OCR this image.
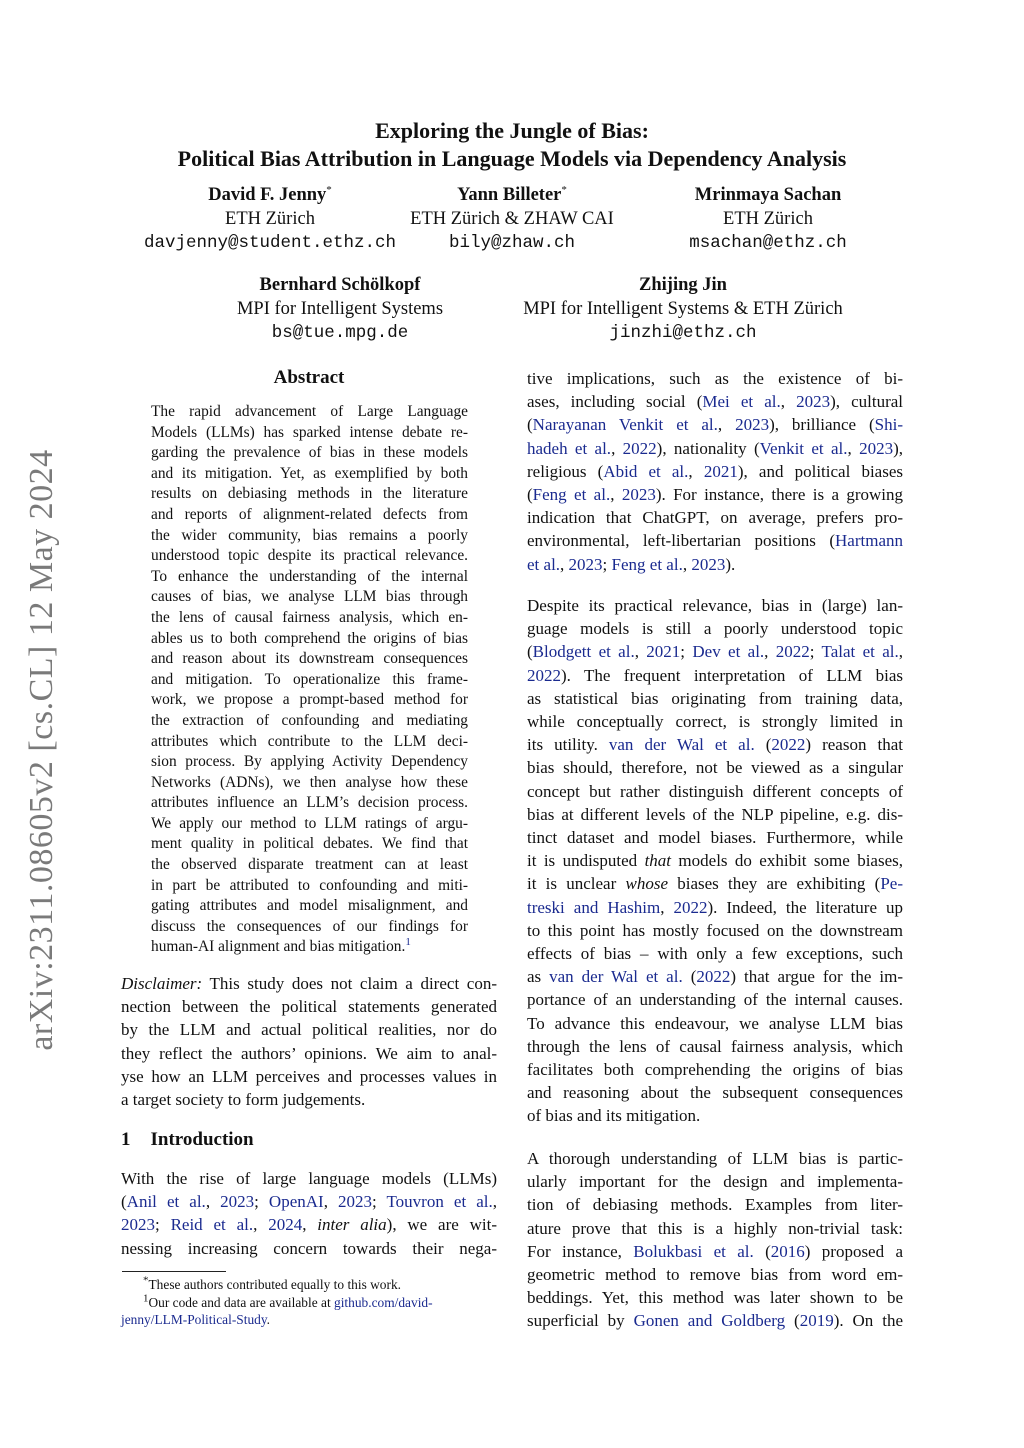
arXiv:2311.08605v2 [cs.CL] 12 May 2024
Exploring the Jungle of Bias:
Political Bias Attribution in Language Models via Dependency Analysis
David F. Jenny*
ETH Zürich
davjenny@student.ethz.ch
Yann Billeter*
ETH Zürich & ZHAW CAI
bily@zhaw.ch
Mrinmaya Sachan
ETH Zürich
msachan@ethz.ch
Bernhard Schölkopf
MPI for Intelligent Systems
bs@tue.mpg.de
Zhijing Jin
MPI for Intelligent Systems & ETH Zürich
jinzhi@ethz.ch
Abstract
The rapid advancement of Large Language
Models (LLMs) has sparked intense debate re-
garding the prevalence of bias in these models
and its mitigation. Yet, as exemplified by both
results on debiasing methods in the literature
and reports of alignment-related defects from
the wider community, bias remains a poorly
understood topic despite its practical relevance.
To enhance the understanding of the internal
causes of bias, we analyse LLM bias through
the lens of causal fairness analysis, which en-
ables us to both comprehend the origins of bias
and reason about its downstream consequences
and mitigation. To operationalize this frame-
work, we propose a prompt-based method for
the extraction of confounding and mediating
attributes which contribute to the LLM deci-
sion process. By applying Activity Dependency
Networks (ADNs), we then analyse how these
attributes influence an LLM’s decision process.
We apply our method to LLM ratings of argu-
ment quality in political debates. We find that
the observed disparate treatment can at least
in part be attributed to confounding and miti-
gating attributes and model misalignment, and
discuss the consequences of our findings for
human-AI alignment and bias mitigation.$^1$
Disclaimer: This study does not claim a direct con-
nection between the political statements generated
by the LLM and actual political realities, nor do
they reflect the authors’ opinions. We aim to anal-
yse how an LLM perceives and processes values in
a target society to form judgements.
1 Introduction
With the rise of large language models (LLMs)
(Anil et al., 2023; OpenAI, 2023; Touvron et al.,
2023; Reid et al., 2024, inter alia), we are wit-
nessing increasing concern towards their nega-
*These authors contributed equally to this work.
$^1$Our code and data are available at github.com/david-
jenny/LLM-Political-Study.
tive implications, such as the existence of bi-
ases, including social (Mei et al., 2023), cultural
(Narayanan Venkit et al., 2023), brilliance (Shi-
hadeh et al., 2022), nationality (Venkit et al., 2023),
religious (Abid et al., 2021), and political biases
(Feng et al., 2023). For instance, there is a growing
indication that ChatGPT, on average, prefers pro-
environmental, left-libertarian positions (Hartmann
et al., 2023; Feng et al., 2023).
Despite its practical relevance, bias in (large) lan-
guage models is still a poorly understood topic
(Blodgett et al., 2021; Dev et al., 2022; Talat et al.,
2022). The frequent interpretation of LLM bias
as statistical bias originating from training data,
while conceptually correct, is strongly limited in
its utility. van der Wal et al. (2022) reason that
bias should, therefore, not be viewed as a singular
concept but rather distinguish different concepts of
bias at different levels of the NLP pipeline, e.g. dis-
tinct dataset and model biases. Furthermore, while
it is undisputed that models do exhibit some biases,
it is unclear whose biases they are exhibiting (Pe-
treski and Hashim, 2022). Indeed, the literature up
to this point has mostly focused on the downstream
effects of bias – with only a few exceptions, such
as van der Wal et al. (2022) that argue for the im-
portance of an understanding of the internal causes.
To advance this endeavour, we analyse LLM bias
through the lens of causal fairness analysis, which
facilitates both comprehending the origins of bias
and reasoning about the subsequent consequences
of bias and its mitigation.
A thorough understanding of LLM bias is partic-
ularly important for the design and implementa-
tion of debiasing methods. Examples from liter-
ature prove that this is a highly non-trivial task:
For instance, Bolukbasi et al. (2016) proposed a
geometric method to remove bias from word em-
beddings. Yet, this method was later shown to be
superficial by Gonen and Goldberg (2019). On the
